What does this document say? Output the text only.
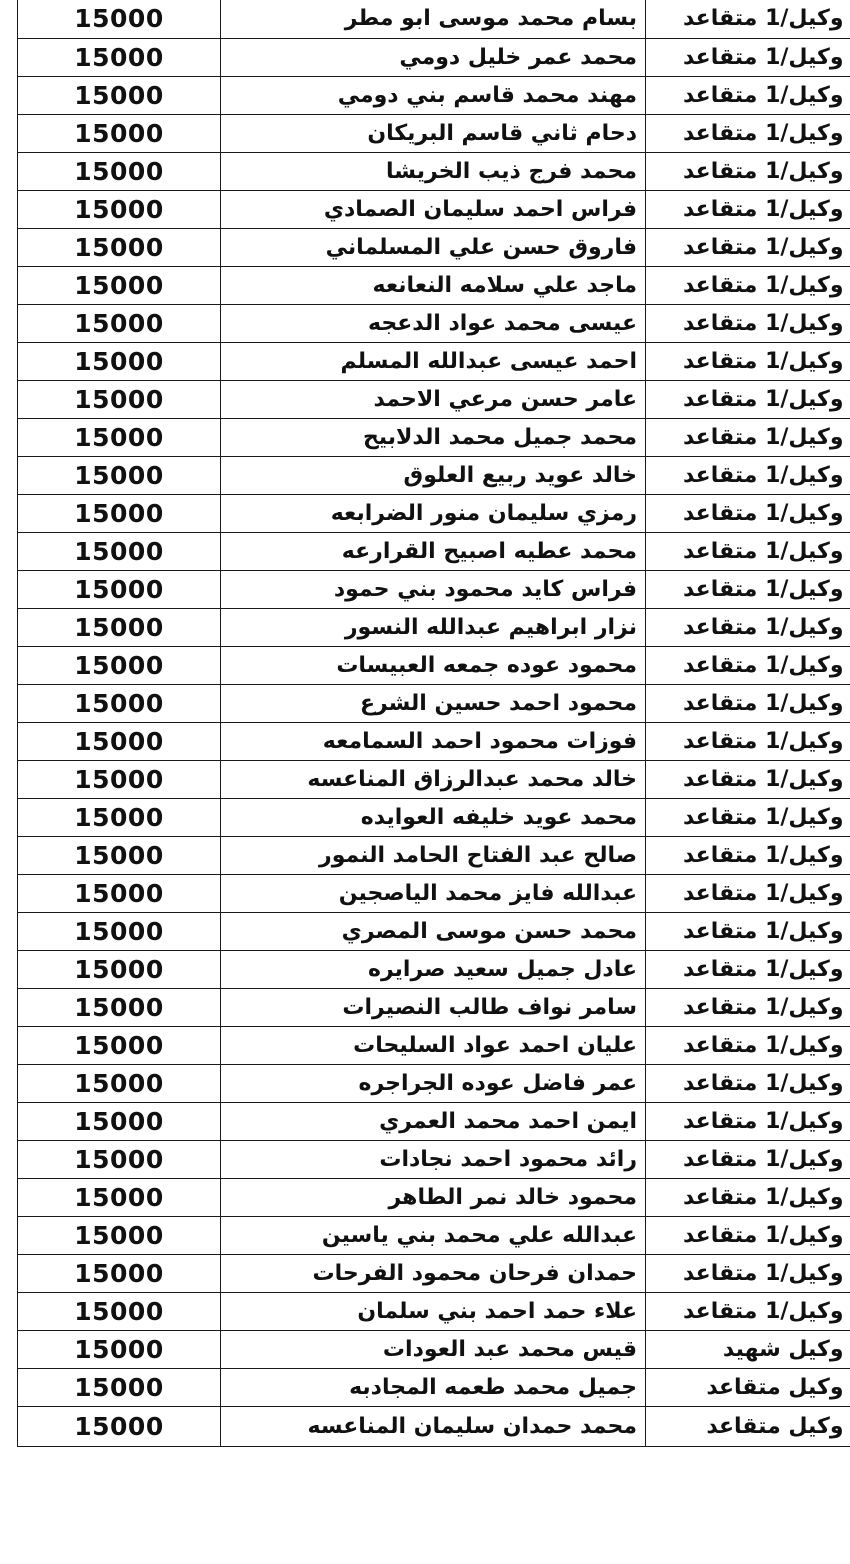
15000	بسام محمد موسى ابو مطر	وكيل/1 متقاعد
15000	محمد عمر خليل دومي	وكيل/1 متقاعد
15000	مهند محمد قاسم بني دومي	وكيل/1 متقاعد
15000	دحام ثاني قاسم البريكان	وكيل/1 متقاعد
15000	محمد فرج ذيب الخريشا	وكيل/1 متقاعد
15000	فراس احمد سليمان الصمادي	وكيل/1 متقاعد
15000	فاروق حسن علي المسلماني	وكيل/1 متقاعد
15000	ماجد علي سلامه النعانعه	وكيل/1 متقاعد
15000	عيسى محمد عواد الدعجه	وكيل/1 متقاعد
15000	احمد عيسى عبدالله المسلم	وكيل/1 متقاعد
15000	عامر حسن مرعي الاحمد	وكيل/1 متقاعد
15000	محمد جميل محمد الدلابيح	وكيل/1 متقاعد
15000	خالد عويد ربيع العلوق	وكيل/1 متقاعد
15000	رمزي سليمان منور الضرابعه	وكيل/1 متقاعد
15000	محمد عطيه اصبيح القرارعه	وكيل/1 متقاعد
15000	فراس كايد محمود بني حمود	وكيل/1 متقاعد
15000	نزار ابراهيم عبدالله النسور	وكيل/1 متقاعد
15000	محمود عوده جمعه العبيسات	وكيل/1 متقاعد
15000	محمود احمد حسين الشرع	وكيل/1 متقاعد
15000	فوزات محمود احمد السمامعه	وكيل/1 متقاعد
15000	خالد محمد عبدالرزاق المناعسه	وكيل/1 متقاعد
15000	محمد عويد خليفه العوايده	وكيل/1 متقاعد
15000	صالح عبد الفتاح الحامد النمور	وكيل/1 متقاعد
15000	عبدالله فايز محمد الياصجين	وكيل/1 متقاعد
15000	محمد حسن موسى المصري	وكيل/1 متقاعد
15000	عادل جميل سعيد صرايره	وكيل/1 متقاعد
15000	سامر نواف طالب النصيرات	وكيل/1 متقاعد
15000	عليان احمد عواد السليحات	وكيل/1 متقاعد
15000	عمر فاضل عوده الجراجره	وكيل/1 متقاعد
15000	ايمن احمد محمد العمري	وكيل/1 متقاعد
15000	رائد محمود احمد نجادات	وكيل/1 متقاعد
15000	محمود خالد نمر الطاهر	وكيل/1 متقاعد
15000	عبدالله علي محمد بني ياسين	وكيل/1 متقاعد
15000	حمدان فرحان محمود الفرحات	وكيل/1 متقاعد
15000	علاء حمد احمد بني سلمان	وكيل/1 متقاعد
15000	قيس محمد عبد العودات	وكيل شهيد
15000	جميل محمد طعمه المجادبه	وكيل متقاعد
15000	محمد حمدان سليمان المناعسه	وكيل متقاعد
